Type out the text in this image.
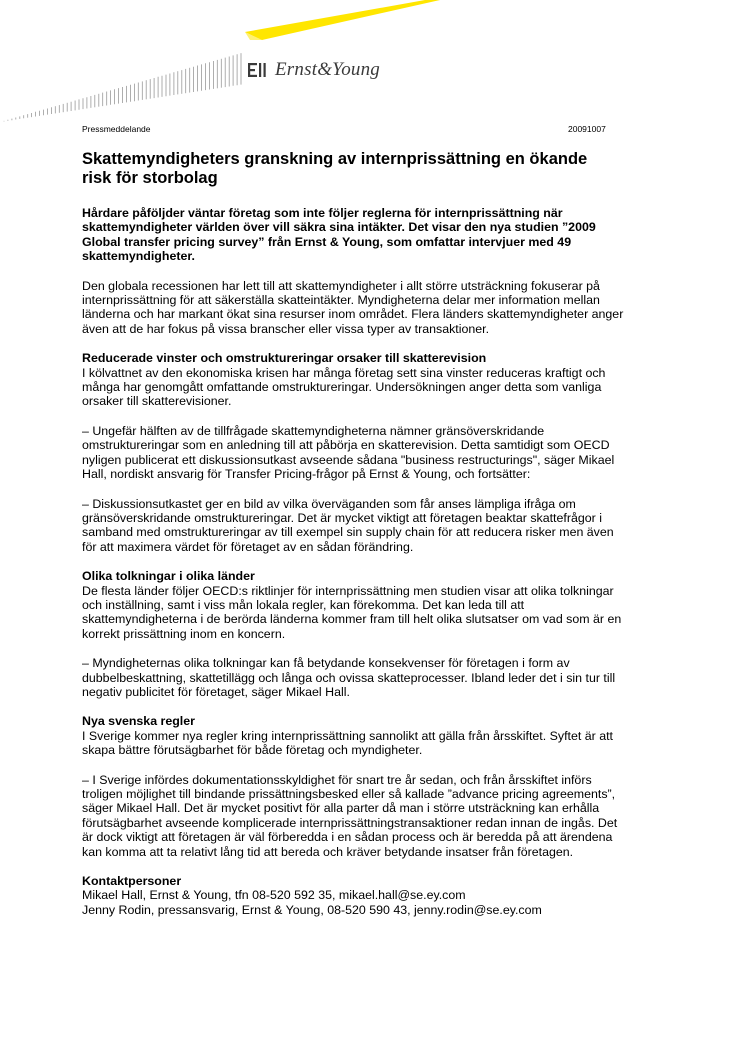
Ernst&Young
Pressmeddelande	20091007
Skattemyndigheters granskning av internprissättning en ökande
risk för storbolag
Hårdare påföljder väntar företag som inte följer reglerna för internprissättning när
skattemyndigheter världen över vill säkra sina intäkter. Det visar den nya studien ”2009
Global transfer pricing survey” från Ernst & Young, som omfattar intervjuer med 49
skattemyndigheter.

Den globala recessionen har lett till att skattemyndigheter i allt större utsträckning fokuserar på
internprissättning för att säkerställa skatteintäkter. Myndigheterna delar mer information mellan
länderna och har markant ökat sina resurser inom området. Flera länders skattemyndigheter anger
även att de har fokus på vissa branscher eller vissa typer av transaktioner.

Reducerade vinster och omstruktureringar orsaker till skatterevision

I kölvattnet av den ekonomiska krisen har många företag sett sina vinster reduceras kraftigt och
många har genomgått omfattande omstruktureringar. Undersökningen anger detta som vanliga
orsaker till skatterevisioner.

– Ungefär hälften av de tillfrågade skattemyndigheterna nämner gränsöverskridande
omstruktureringar som en anledning till att påbörja en skatterevision. Detta samtidigt som OECD
nyligen publicerat ett diskussionsutkast avseende sådana "business restructurings", säger Mikael
Hall, nordiskt ansvarig för Transfer Pricing-frågor på Ernst & Young, och fortsätter:

– Diskussionsutkastet ger en bild av vilka överväganden som får anses lämpliga ifråga om
gränsöverskridande omstruktureringar. Det är mycket viktigt att företagen beaktar skattefrågor i
samband med omstruktureringar av till exempel sin supply chain för att reducera risker men även
för att maximera värdet för företaget av en sådan förändring.

Olika tolkningar i olika länder

De flesta länder följer OECD:s riktlinjer för internprissättning men studien visar att olika tolkningar
och inställning, samt i viss mån lokala regler, kan förekomma. Det kan leda till att
skattemyndigheterna i de berörda länderna kommer fram till helt olika slutsatser om vad som är en
korrekt prissättning inom en koncern.

– Myndigheternas olika tolkningar kan få betydande konsekvenser för företagen i form av
dubbelbeskattning, skattetillägg och långa och ovissa skatteprocesser. Ibland leder det i sin tur till
negativ publicitet för företaget, säger Mikael Hall.

Nya svenska regler

I Sverige kommer nya regler kring internprissättning sannolikt att gälla från årsskiftet. Syftet är att
skapa bättre förutsägbarhet för både företag och myndigheter.

– I Sverige infördes dokumentationsskyldighet för snart tre år sedan, och från årsskiftet införs
troligen möjlighet till bindande prissättningsbesked eller så kallade ”advance pricing agreements”,
säger Mikael Hall. Det är mycket positivt för alla parter då man i större utsträckning kan erhålla
förutsägbarhet avseende komplicerade internprissättningstransaktioner redan innan de ingås. Det
är dock viktigt att företagen är väl förberedda i en sådan process och är beredda på att ärendena
kan komma att ta relativt lång tid att bereda och kräver betydande insatser från företagen.

Kontaktpersoner

Mikael Hall, Ernst & Young, tfn 08-520 592 35, mikael.hall@se.ey.com
Jenny Rodin, pressansvarig, Ernst & Young, 08-520 590 43, jenny.rodin@se.ey.com
